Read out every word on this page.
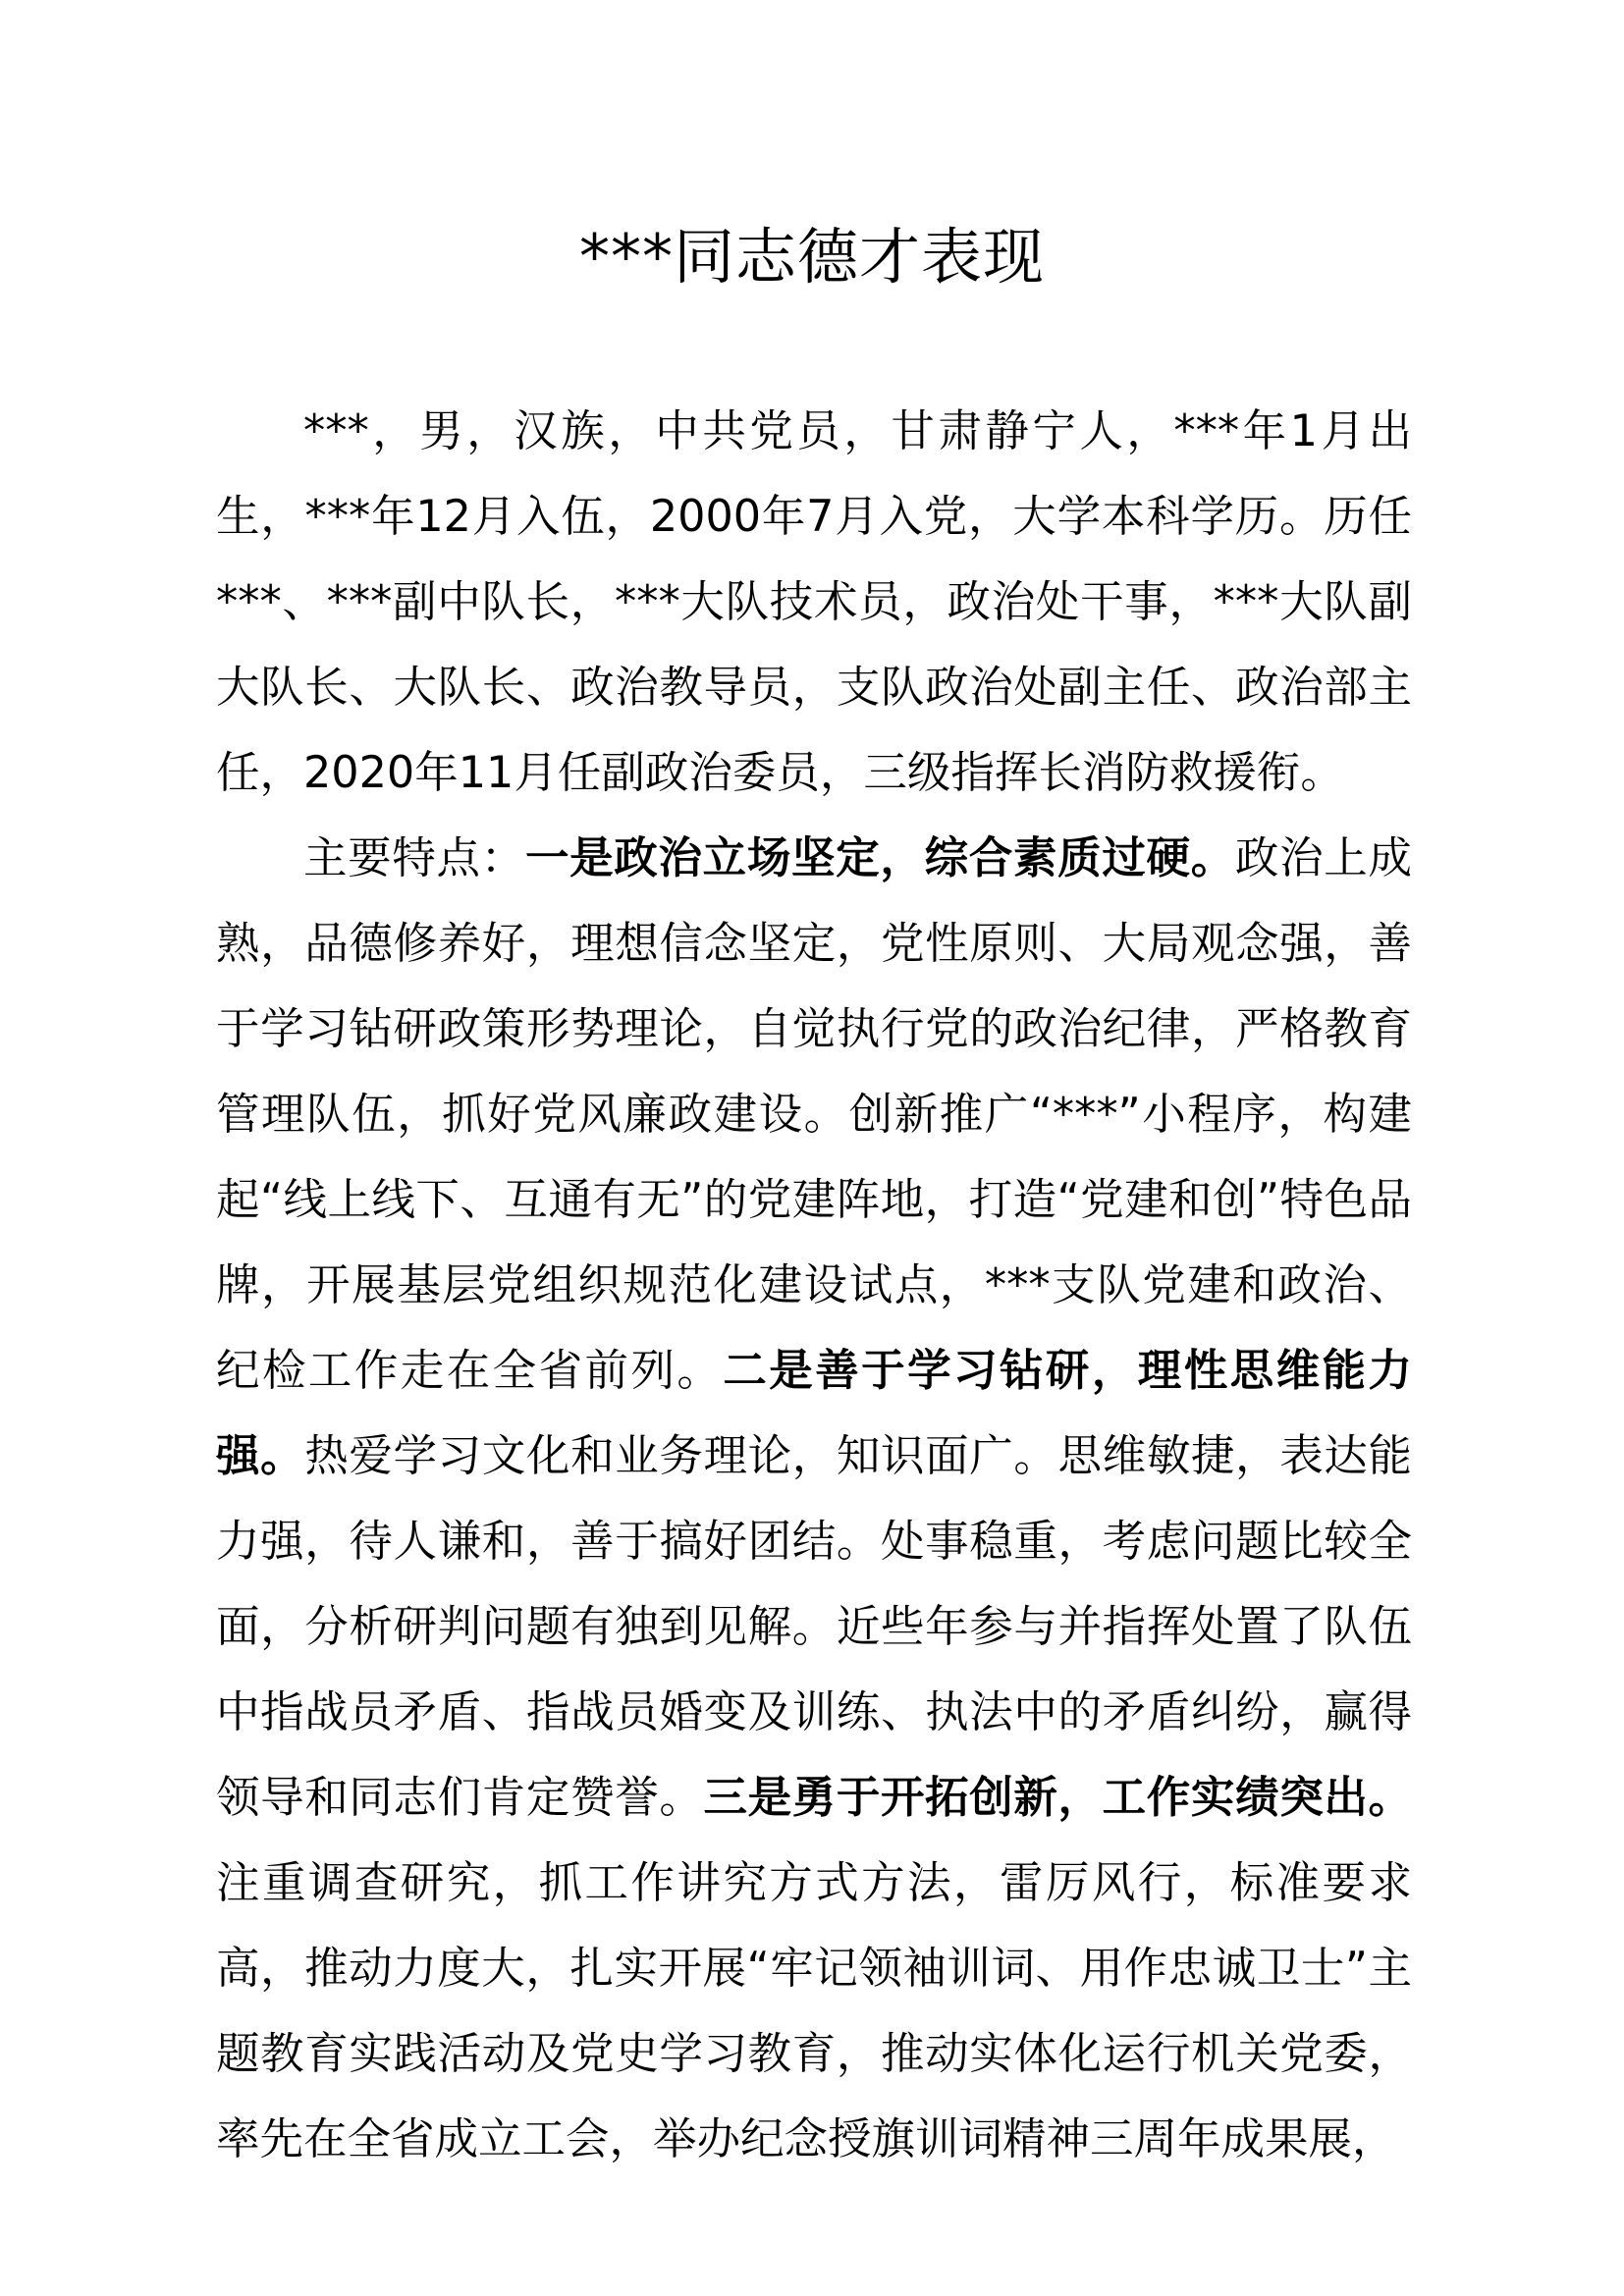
***同志德才表现

***，男，汉族，中共党员，甘肃静宁人，***年1月出生，***年12月入伍，2000年7月入党，大学本科学历。历任***、***副中队长，***大队技术员，政治处干事，***大队副大队长、大队长、政治教导员，支队政治处副主任、政治部主任，2020年11月任副政治委员，三级指挥长消防救援衔。

主要特点：一是政治立场坚定，综合素质过硬。政治上成熟，品德修养好，理想信念坚定，党性原则、大局观念强，善于学习钻研政策形势理论，自觉执行党的政治纪律，严格教育管理队伍，抓好党风廉政建设。创新推广“***”小程序，构建起“线上线下、互通有无”的党建阵地，打造“党建和创”特色品牌，开展基层党组织规范化建设试点，***支队党建和政治、纪检工作走在全省前列。二是善于学习钻研，理性思维能力强。热爱学习文化和业务理论，知识面广。思维敏捷，表达能力强，待人谦和，善于搞好团结。处事稳重，考虑问题比较全面，分析研判问题有独到见解。近些年参与并指挥处置了队伍中指战员矛盾、指战员婚变及训练、执法中的矛盾纠纷，赢得领导和同志们肯定赞誉。三是勇于开拓创新，工作实绩突出。注重调查研究，抓工作讲究方式方法，雷厉风行，标准要求高，推动力度大，扎实开展“牢记领袖训词、用作忠诚卫士”主题教育实践活动及党史学习教育，推动实体化运行机关党委，率先在全省成立工会，举办纪念授旗训词精神三周年成果展，
